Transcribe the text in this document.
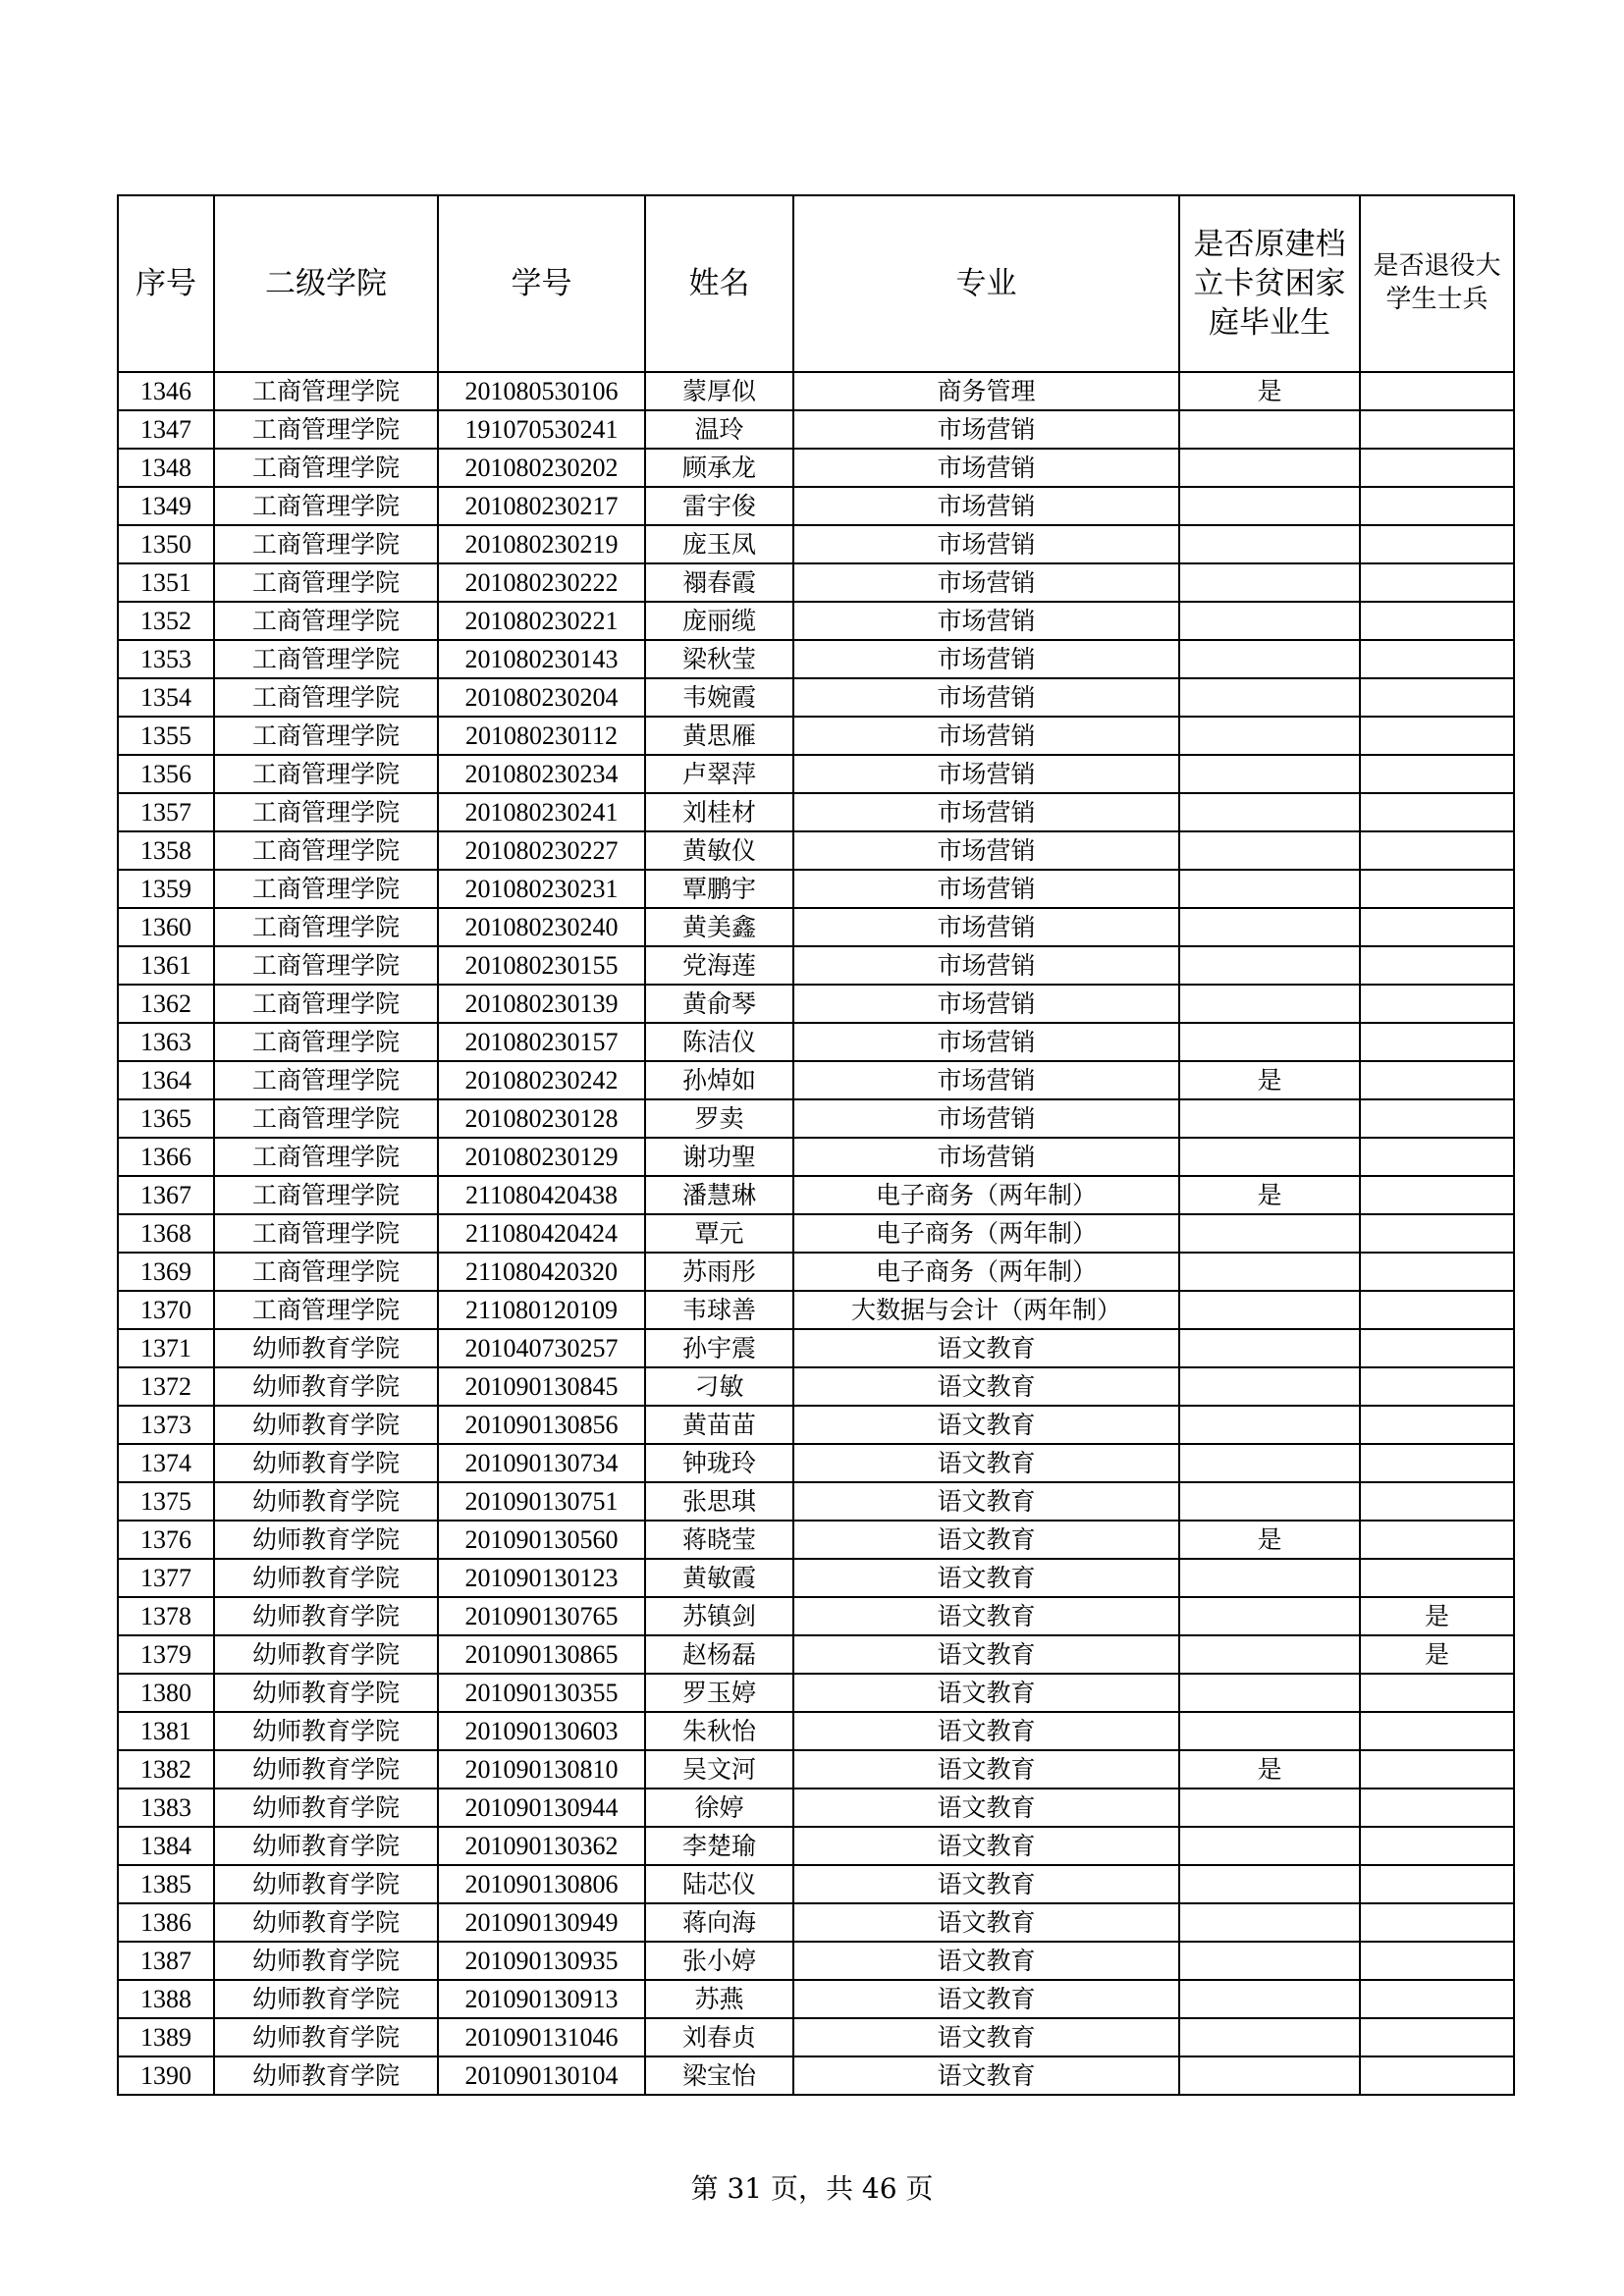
序号	二级学院	学号	姓名	专业	是否原建档立卡贫困家庭毕业生	是否退役大学生士兵
1346	工商管理学院	201080530106	蒙厚似	商务管理	是	
1347	工商管理学院	191070530241	温玲	市场营销		
1348	工商管理学院	201080230202	顾承龙	市场营销		
1349	工商管理学院	201080230217	雷宇俊	市场营销		
1350	工商管理学院	201080230219	庞玉凤	市场营销		
1351	工商管理学院	201080230222	禤春霞	市场营销		
1352	工商管理学院	201080230221	庞丽缆	市场营销		
1353	工商管理学院	201080230143	梁秋莹	市场营销		
1354	工商管理学院	201080230204	韦婉霞	市场营销		
1355	工商管理学院	201080230112	黄思雁	市场营销		
1356	工商管理学院	201080230234	卢翠萍	市场营销		
1357	工商管理学院	201080230241	刘桂材	市场营销		
1358	工商管理学院	201080230227	黄敏仪	市场营销		
1359	工商管理学院	201080230231	覃鹏宇	市场营销		
1360	工商管理学院	201080230240	黄美鑫	市场营销		
1361	工商管理学院	201080230155	党海莲	市场营销		
1362	工商管理学院	201080230139	黄俞琴	市场营销		
1363	工商管理学院	201080230157	陈洁仪	市场营销		
1364	工商管理学院	201080230242	孙焯如	市场营销	是	
1365	工商管理学院	201080230128	罗卖	市场营销		
1366	工商管理学院	201080230129	谢功聖	市场营销		
1367	工商管理学院	211080420438	潘慧琳	电子商务（两年制）	是	
1368	工商管理学院	211080420424	覃元	电子商务（两年制）		
1369	工商管理学院	211080420320	苏雨彤	电子商务（两年制）		
1370	工商管理学院	211080120109	韦球善	大数据与会计（两年制）		
1371	幼师教育学院	201040730257	孙宇震	语文教育		
1372	幼师教育学院	201090130845	刁敏	语文教育		
1373	幼师教育学院	201090130856	黄苗苗	语文教育		
1374	幼师教育学院	201090130734	钟珑玲	语文教育		
1375	幼师教育学院	201090130751	张思琪	语文教育		
1376	幼师教育学院	201090130560	蒋晓莹	语文教育	是	
1377	幼师教育学院	201090130123	黄敏霞	语文教育		
1378	幼师教育学院	201090130765	苏镇剑	语文教育		是
1379	幼师教育学院	201090130865	赵杨磊	语文教育		是
1380	幼师教育学院	201090130355	罗玉婷	语文教育		
1381	幼师教育学院	201090130603	朱秋怡	语文教育		
1382	幼师教育学院	201090130810	吴文河	语文教育	是	
1383	幼师教育学院	201090130944	徐婷	语文教育		
1384	幼师教育学院	201090130362	李楚瑜	语文教育		
1385	幼师教育学院	201090130806	陆芯仪	语文教育		
1386	幼师教育学院	201090130949	蒋向海	语文教育		
1387	幼师教育学院	201090130935	张小婷	语文教育		
1388	幼师教育学院	201090130913	苏燕	语文教育		
1389	幼师教育学院	201090131046	刘春贞	语文教育		
1390	幼师教育学院	201090130104	梁宝怡	语文教育		
第 31 页，共 46 页
